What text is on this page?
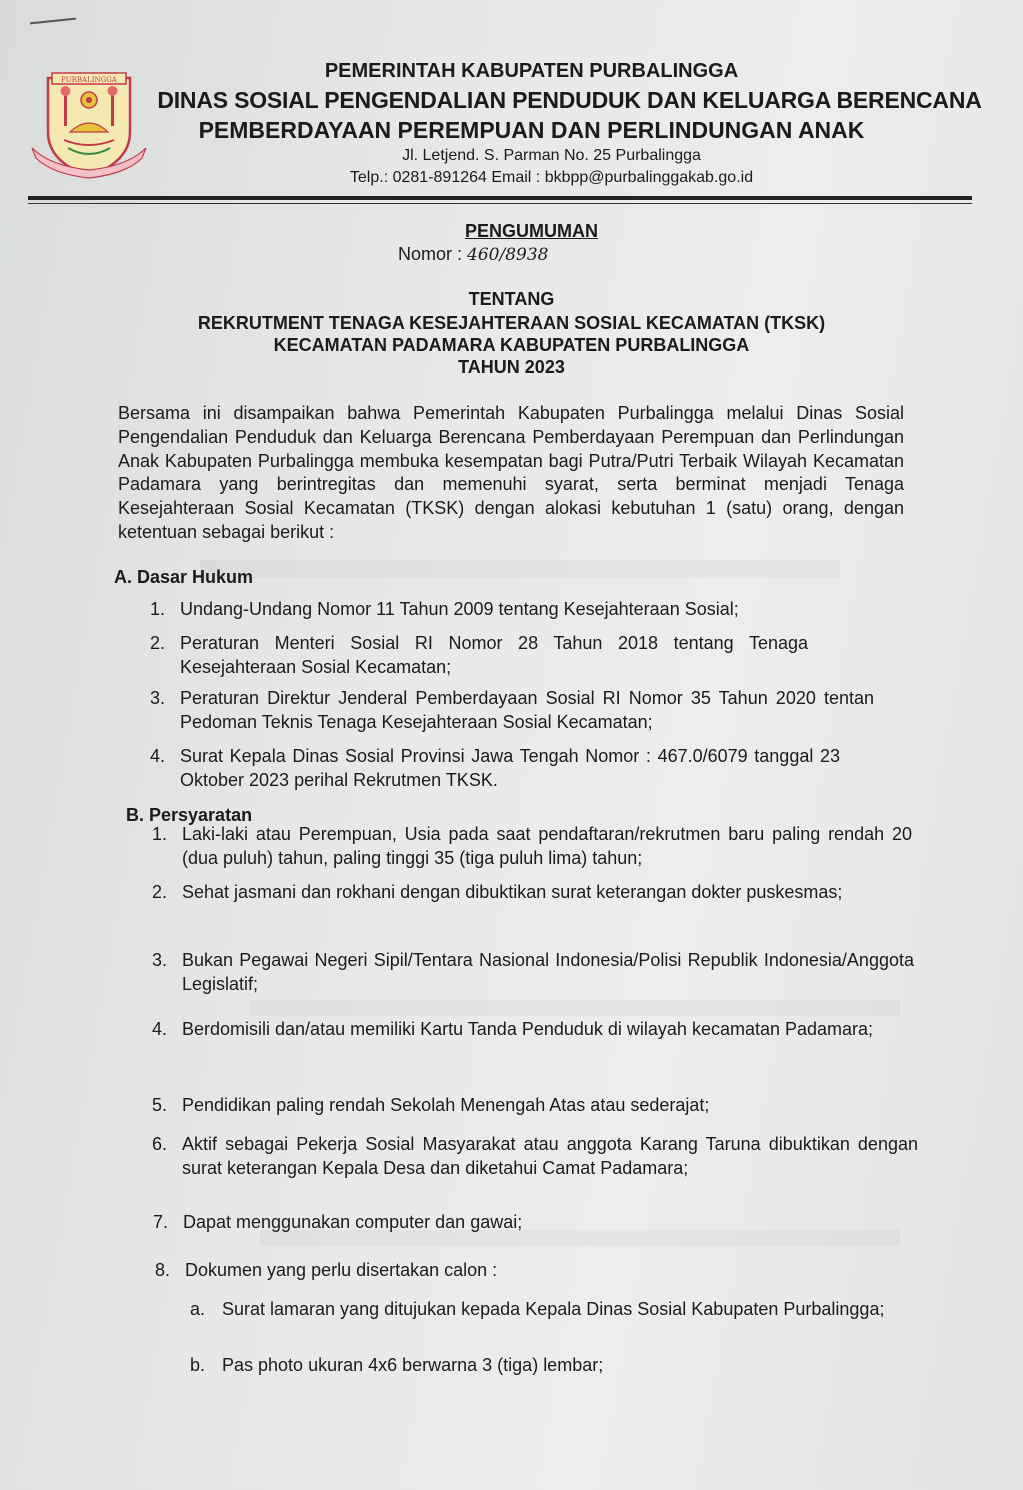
PURBALINGGA	PEMERINTAH KABUPATEN PURBALINGGA
DINAS SOSIAL PENGENDALIAN PENDUDUK DAN KELUARGA BERENCANA
PEMBERDAYAAN PEREMPUAN DAN PERLINDUNGAN ANAK
Jl. Letjend. S. Parman No. 25 Purbalingga
Telp.: 0281-891264 Email : bkbpp@purbalinggakab.go.id
PENGUMUMAN
Nomor : 460/8938
TENTANG
REKRUTMENT TENAGA KESEJAHTERAAN SOSIAL KECAMATAN (TKSK)
KECAMATAN PADAMARA KABUPATEN PURBALINGGA
TAHUN 2023
Bersama ini disampaikan bahwa Pemerintah Kabupaten Purbalingga melalui Dinas Sosial Pengendalian Penduduk dan Keluarga Berencana Pemberdayaan Perempuan dan Perlindungan Anak Kabupaten Purbalingga membuka kesempatan bagi Putra/Putri Terbaik Wilayah Kecamatan Padamara yang berintregitas dan memenuhi syarat, serta berminat menjadi Tenaga Kesejahteraan Sosial Kecamatan (TKSK) dengan alokasi kebutuhan 1 (satu) orang, dengan ketentuan sebagai berikut :
A. Dasar Hukum
1. Undang-Undang Nomor 11 Tahun 2009 tentang Kesejahteraan Sosial;
2. Peraturan Menteri Sosial RI Nomor 28 Tahun 2018 tentang Tenaga Kesejahteraan Sosial Kecamatan;
3. Peraturan Direktur Jenderal Pemberdayaan Sosial RI Nomor 35 Tahun 2020 tentan Pedoman Teknis Tenaga Kesejahteraan Sosial Kecamatan;
4. Surat Kepala Dinas Sosial Provinsi Jawa Tengah Nomor : 467.0/6079 tanggal 23 Oktober 2023 perihal Rekrutmen TKSK.
B. Persyaratan
1. Laki-laki atau Perempuan, Usia pada saat pendaftaran/rekrutmen baru paling rendah 20 (dua puluh) tahun, paling tinggi 35 (tiga puluh lima) tahun;
2. Sehat jasmani dan rokhani dengan dibuktikan surat keterangan dokter puskesmas;
3. Bukan Pegawai Negeri Sipil/Tentara Nasional Indonesia/Polisi Republik Indonesia/Anggota Legislatif;
4. Berdomisili dan/atau memiliki Kartu Tanda Penduduk di wilayah kecamatan Padamara;
5. Pendidikan paling rendah Sekolah Menengah Atas atau sederajat;
6. Aktif sebagai Pekerja Sosial Masyarakat atau anggota Karang Taruna dibuktikan dengan surat keterangan Kepala Desa dan diketahui Camat Padamara;
7. Dapat menggunakan computer dan gawai;
8. Dokumen yang perlu disertakan calon :
a. Surat lamaran yang ditujukan kepada Kepala Dinas Sosial Kabupaten Purbalingga;
b. Pas photo ukuran 4x6 berwarna 3 (tiga) lembar;
